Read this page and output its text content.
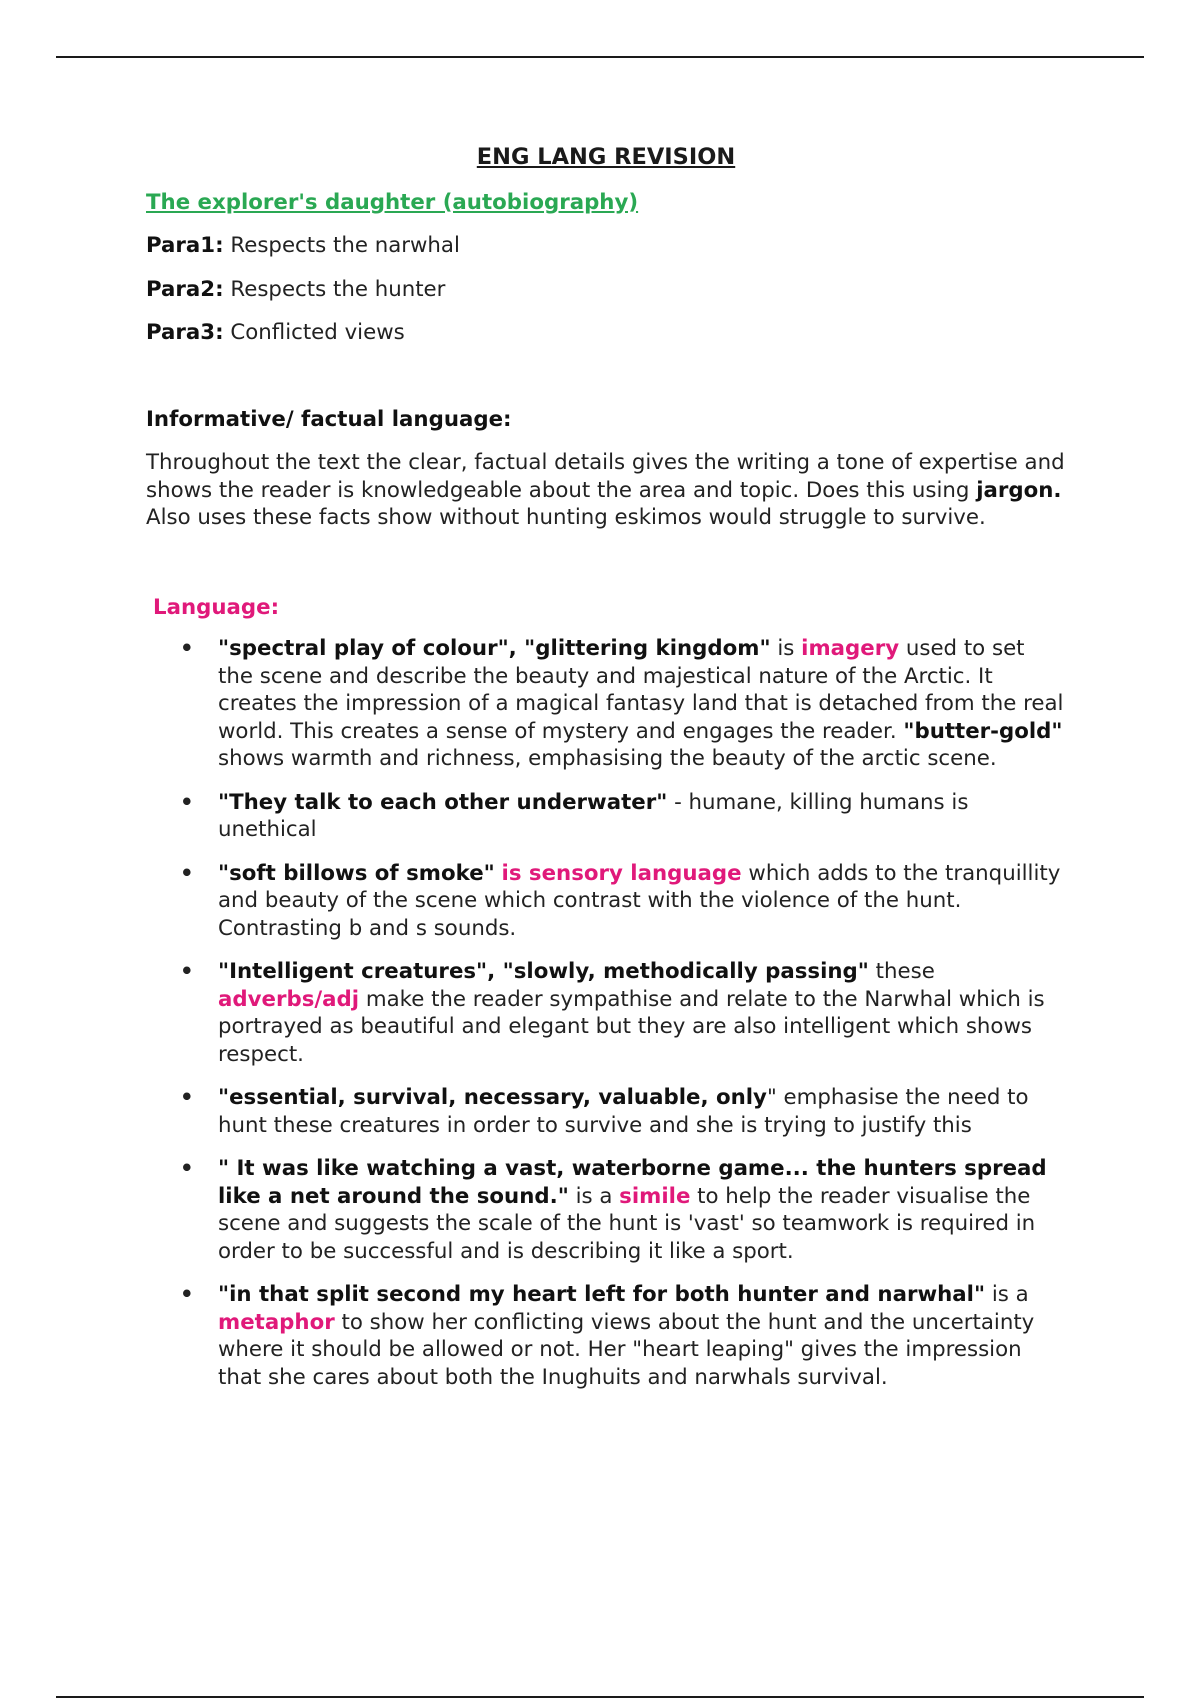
ENG LANG REVISION
The explorer's daughter (autobiography)
Para1: Respects the narwhal
Para2: Respects the hunter
Para3: Conflicted views
Informative/ factual language:

Throughout the text the clear, factual details gives the writing a tone of expertise and shows the reader is knowledgeable about the area and topic. Does this using jargon. Also uses these facts show without hunting eskimos would struggle to survive.

Language:
• "spectral play of colour", "glittering kingdom" is imagery used to set the scene and describe the beauty and majestical nature of the Arctic. It creates the impression of a magical fantasy land that is detached from the real world. This creates a sense of mystery and engages the reader. "butter-gold" shows warmth and richness, emphasising the beauty of the arctic scene.
• "They talk to each other underwater" - humane, killing humans is unethical
• "soft billows of smoke" is sensory language which adds to the tranquillity and beauty of the scene which contrast with the violence of the hunt. Contrasting b and s sounds.
• "Intelligent creatures", "slowly, methodically passing" these adverbs/adj make the reader sympathise and relate to the Narwhal which is portrayed as beautiful and elegant but they are also intelligent which shows respect.
• "essential, survival, necessary, valuable, only" emphasise the need to hunt these creatures in order to survive and she is trying to justify this
• " It was like watching a vast, waterborne game... the hunters spread like a net around the sound." is a simile to help the reader visualise the scene and suggests the scale of the hunt is 'vast' so teamwork is required in order to be successful and is describing it like a sport.
• "in that split second my heart left for both hunter and narwhal" is a metaphor to show her conflicting views about the hunt and the uncertainty where it should be allowed or not. Her "heart leaping" gives the impression that she cares about both the Inughuits and narwhals survival.
